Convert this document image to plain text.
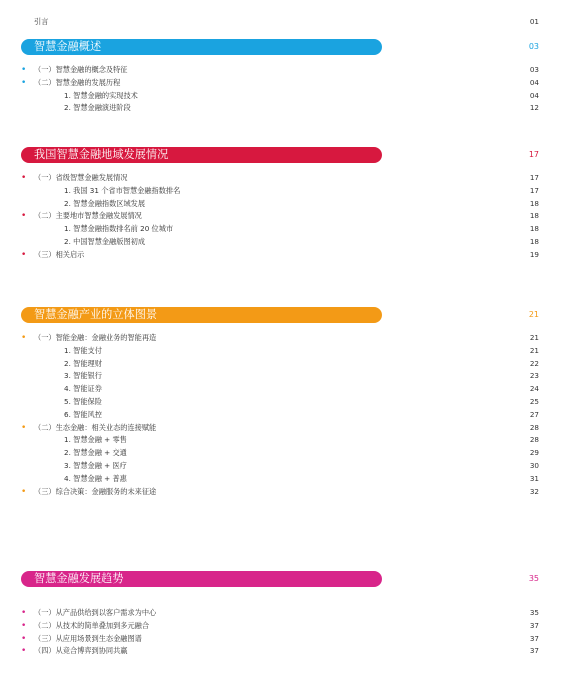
引言	01
智慧金融概述	03
• （一）智慧金融的概念及特征	03
• （二）智慧金融的发展历程	04
1. 智慧金融的实现技术	04
2. 智慧金融演进阶段	12
我国智慧金融地域发展情况	17
• （一）省级智慧金融发展情况	17
1. 我国 31 个省市智慧金融指数排名	17
2. 智慧金融指数区域发展	18
• （二）主要地市智慧金融发展情况	18
1. 智慧金融指数排名前 20 位城市	18
2. 中国智慧金融版图初成	18
• （三）相关启示	19
智慧金融产业的立体图景	21
• （一）智能金融：金融业务的智能再造	21
1. 智能支付	21
2. 智能理财	22
3. 智能银行	23
4. 智能证券	24
5. 智能保险	25
6. 智能风控	27
• （二）生态金融：相关业态的连接赋能	28
1. 智慧金融 + 零售	28
2. 智慧金融 + 交通	29
3. 智慧金融 + 医疗	30
4. 智慧金融 + 普惠	31
• （三）综合决策：金融服务的未来征途	32
智慧金融发展趋势	35
• （一）从产品供给到以客户需求为中心	35
• （二）从技术的简单叠加到多元融合	37
• （三）从应用场景到生态金融图谱	37
• （四）从竞合博弈到协同共赢	37
